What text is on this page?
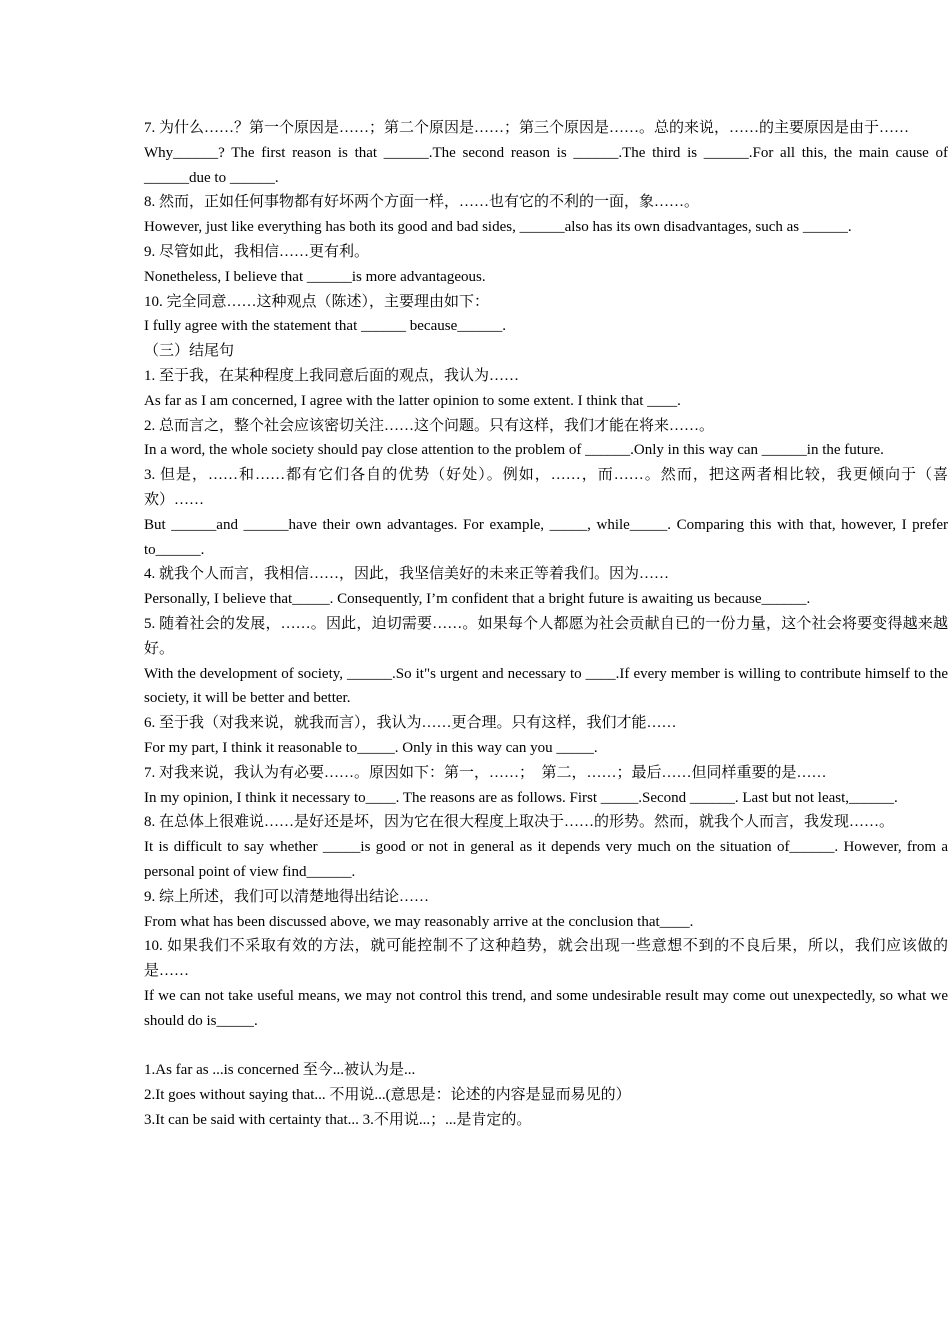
7. 为什么……？第一个原因是……；第二个原因是……；第三个原因是……。总的来说，……的主要原因是由于……
Why______? The first reason is that ______.The second reason is ______.The third is ______.For all this, the main cause of ______due to ______.
8. 然而，正如任何事物都有好坏两个方面一样，……也有它的不利的一面，象……。
However, just like everything has both its good and bad sides, ______also has its own disadvantages, such as ______.
9. 尽管如此，我相信……更有利。
Nonetheless, I believe that ______is more advantageous.
10. 完全同意……这种观点（陈述），主要理由如下：
I fully agree with the statement that ______ because______.
（三）结尾句
1. 至于我，在某种程度上我同意后面的观点，我认为……
As far as I am concerned, I agree with the latter opinion to some extent. I think that ____.
2. 总而言之，整个社会应该密切关注……这个问题。只有这样，我们才能在将来……。
In a word, the whole society should pay close attention to the problem of ______.Only in this way can ______in the future.
3. 但是，……和……都有它们各自的优势（好处）。例如，……，而……。然而，把这两者相比较，我更倾向于（喜欢）……
But ______and ______have their own advantages. For example, _____, while_____. Comparing this with that, however, I prefer to______.
4. 就我个人而言，我相信……，因此，我坚信美好的未来正等着我们。因为……
Personally, I believe that_____. Consequently, I’m confident that a bright future is awaiting us because______.
5. 随着社会的发展，……。因此，迫切需要……。如果每个人都愿为社会贡献自已的一份力量，这个社会将要变得越来越好。
With the development of society, ______.So it"s urgent and necessary to ____.If every member is willing to contribute himself to the society, it will be better and better.
6. 至于我（对我来说，就我而言），我认为……更合理。只有这样，我们才能……
For my part, I think it reasonable to_____. Only in this way can you _____.
7. 对我来说，我认为有必要……。原因如下：第一，……；　第二，……；最后……但同样重要的是……
In my opinion, I think it necessary to____. The reasons are as follows. First _____.Second ______. Last but not least,______.
8. 在总体上很难说……是好还是坏，因为它在很大程度上取决于……的形势。然而，就我个人而言，我发现……。
It is difficult to say whether _____is good or not in general as it depends very much on the situation of______. However, from a personal point of view find______.
9. 综上所述，我们可以清楚地得出结论……
From what has been discussed above, we may reasonably arrive at the conclusion that____.
10. 如果我们不采取有效的方法，就可能控制不了这种趋势，就会出现一些意想不到的不良后果，所以，我们应该做的是……
If we can not take useful means, we may not control this trend, and some undesirable result may come out unexpectedly, so what we should do is_____.
1.As far as ...is concerned 至今...被认为是...
2.It goes without saying that... 不用说...(意思是：论述的内容是显而易见的）
3.It can be said with certainty that... 3.不用说...；...是肯定的。
